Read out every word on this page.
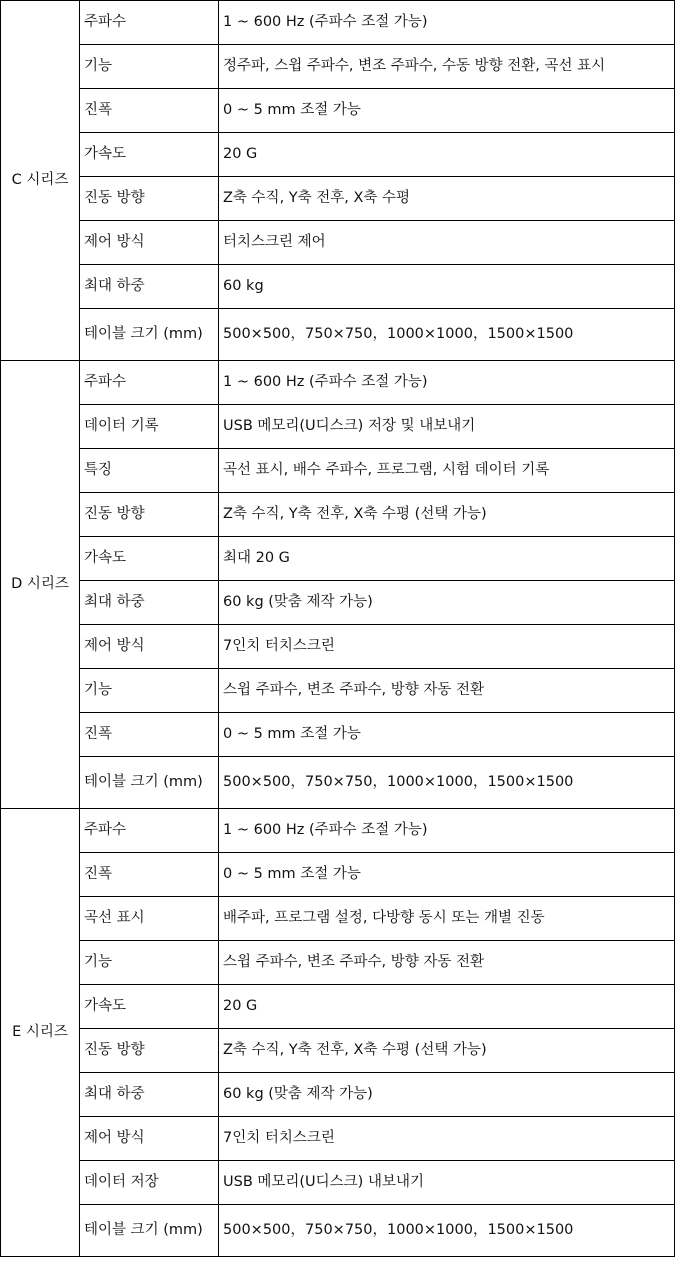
C 시리즈	주파수	1 ~ 600 Hz (주파수 조절 가능)
	기능	정주파, 스윕 주파수, 변조 주파수, 수동 방향 전환, 곡선 표시
	진폭	0 ~ 5 mm 조절 가능
	가속도	20 G
	진동 방향	Z축 수직, Y축 전후, X축 수평
	제어 방식	터치스크린 제어
	최대 하중	60 kg
	테이블 크기 (mm)	500×500，750×750，1000×1000，1500×1500
D 시리즈	주파수	1 ~ 600 Hz (주파수 조절 가능)
	데이터 기록	USB 메모리(U디스크) 저장 및 내보내기
	특징	곡선 표시, 배수 주파수, 프로그램, 시험 데이터 기록
	진동 방향	Z축 수직, Y축 전후, X축 수평 (선택 가능)
	가속도	최대 20 G
	최대 하중	60 kg (맞춤 제작 가능)
	제어 방식	7인치 터치스크린
	기능	스윕 주파수, 변조 주파수, 방향 자동 전환
	진폭	0 ~ 5 mm 조절 가능
	테이블 크기 (mm)	500×500，750×750，1000×1000，1500×1500
E 시리즈	주파수	1 ~ 600 Hz (주파수 조절 가능)
	진폭	0 ~ 5 mm 조절 가능
	곡선 표시	배주파, 프로그램 설정, 다방향 동시 또는 개별 진동
	기능	스윕 주파수, 변조 주파수, 방향 자동 전환
	가속도	20 G
	진동 방향	Z축 수직, Y축 전후, X축 수평 (선택 가능)
	최대 하중	60 kg (맞춤 제작 가능)
	제어 방식	7인치 터치스크린
	데이터 저장	USB 메모리(U디스크) 내보내기
	테이블 크기 (mm)	500×500，750×750，1000×1000，1500×1500
